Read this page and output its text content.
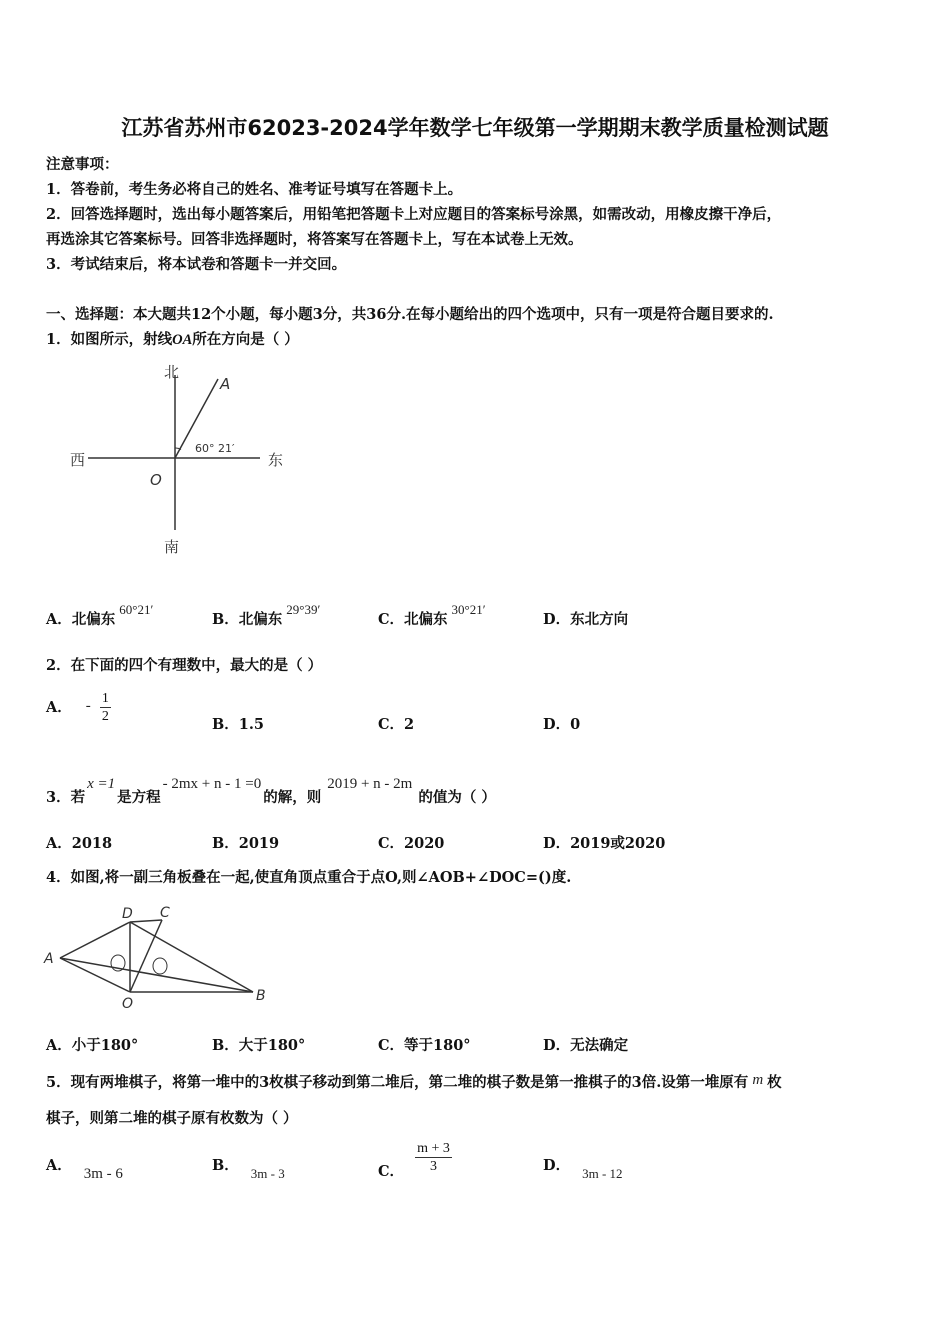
江苏省苏州市62023-2024学年数学七年级第一学期期末教学质量检测试题
注意事项：
1．答卷前，考生务必将自己的姓名、准考证号填写在答题卡上。
2．回答选择题时，选出每小题答案后，用铅笔把答题卡上对应题目的答案标号涂黑，如需改动，用橡皮擦干净后，
再选涂其它答案标号。回答非选择题时，将答案写在答题卡上，写在本试卷上无效。
3．考试结束后，将本试卷和答题卡一并交回。
一、选择题：本大题共12个小题，每小题3分，共36分.在每小题给出的四个选项中，只有一项是符合题目要求的.
1．如图所示，射线OA所在方向是（ ）
北
南
西	东
O
A
60° 21′
A．北偏东60°21′
B．北偏东29°39′
C．北偏东30°21′
D．东北方向
2．在下面的四个有理数中，最大的是（ ）
A． - $\frac{1}{2}$	B．1.5	C．2	D．0
3．若x =1是方程- 2mx + n - 1 =0的解，则2019 + n - 2m的值为（ ）
A．2018	B．2019	C．2020	D．2019或2020
4．如图,将一副三角板叠在一起,使直角顶点重合于点O,则∠AOB+∠DOC=()度.
A
B
C
D
O
A．小于180°	B．大于180°	C．等于180°	D．无法确定
5．现有两堆棋子，将第一堆中的3枚棋子移动到第二堆后，第二堆的棋子数是第一推棋子的3倍.设第一堆原有 m 枚
棋子，则第二堆的棋子原有枚数为（ ）
A． 3m - 6	B． 3m - 3	C． $\frac{m + 3}{3}$	D． 3m - 12
